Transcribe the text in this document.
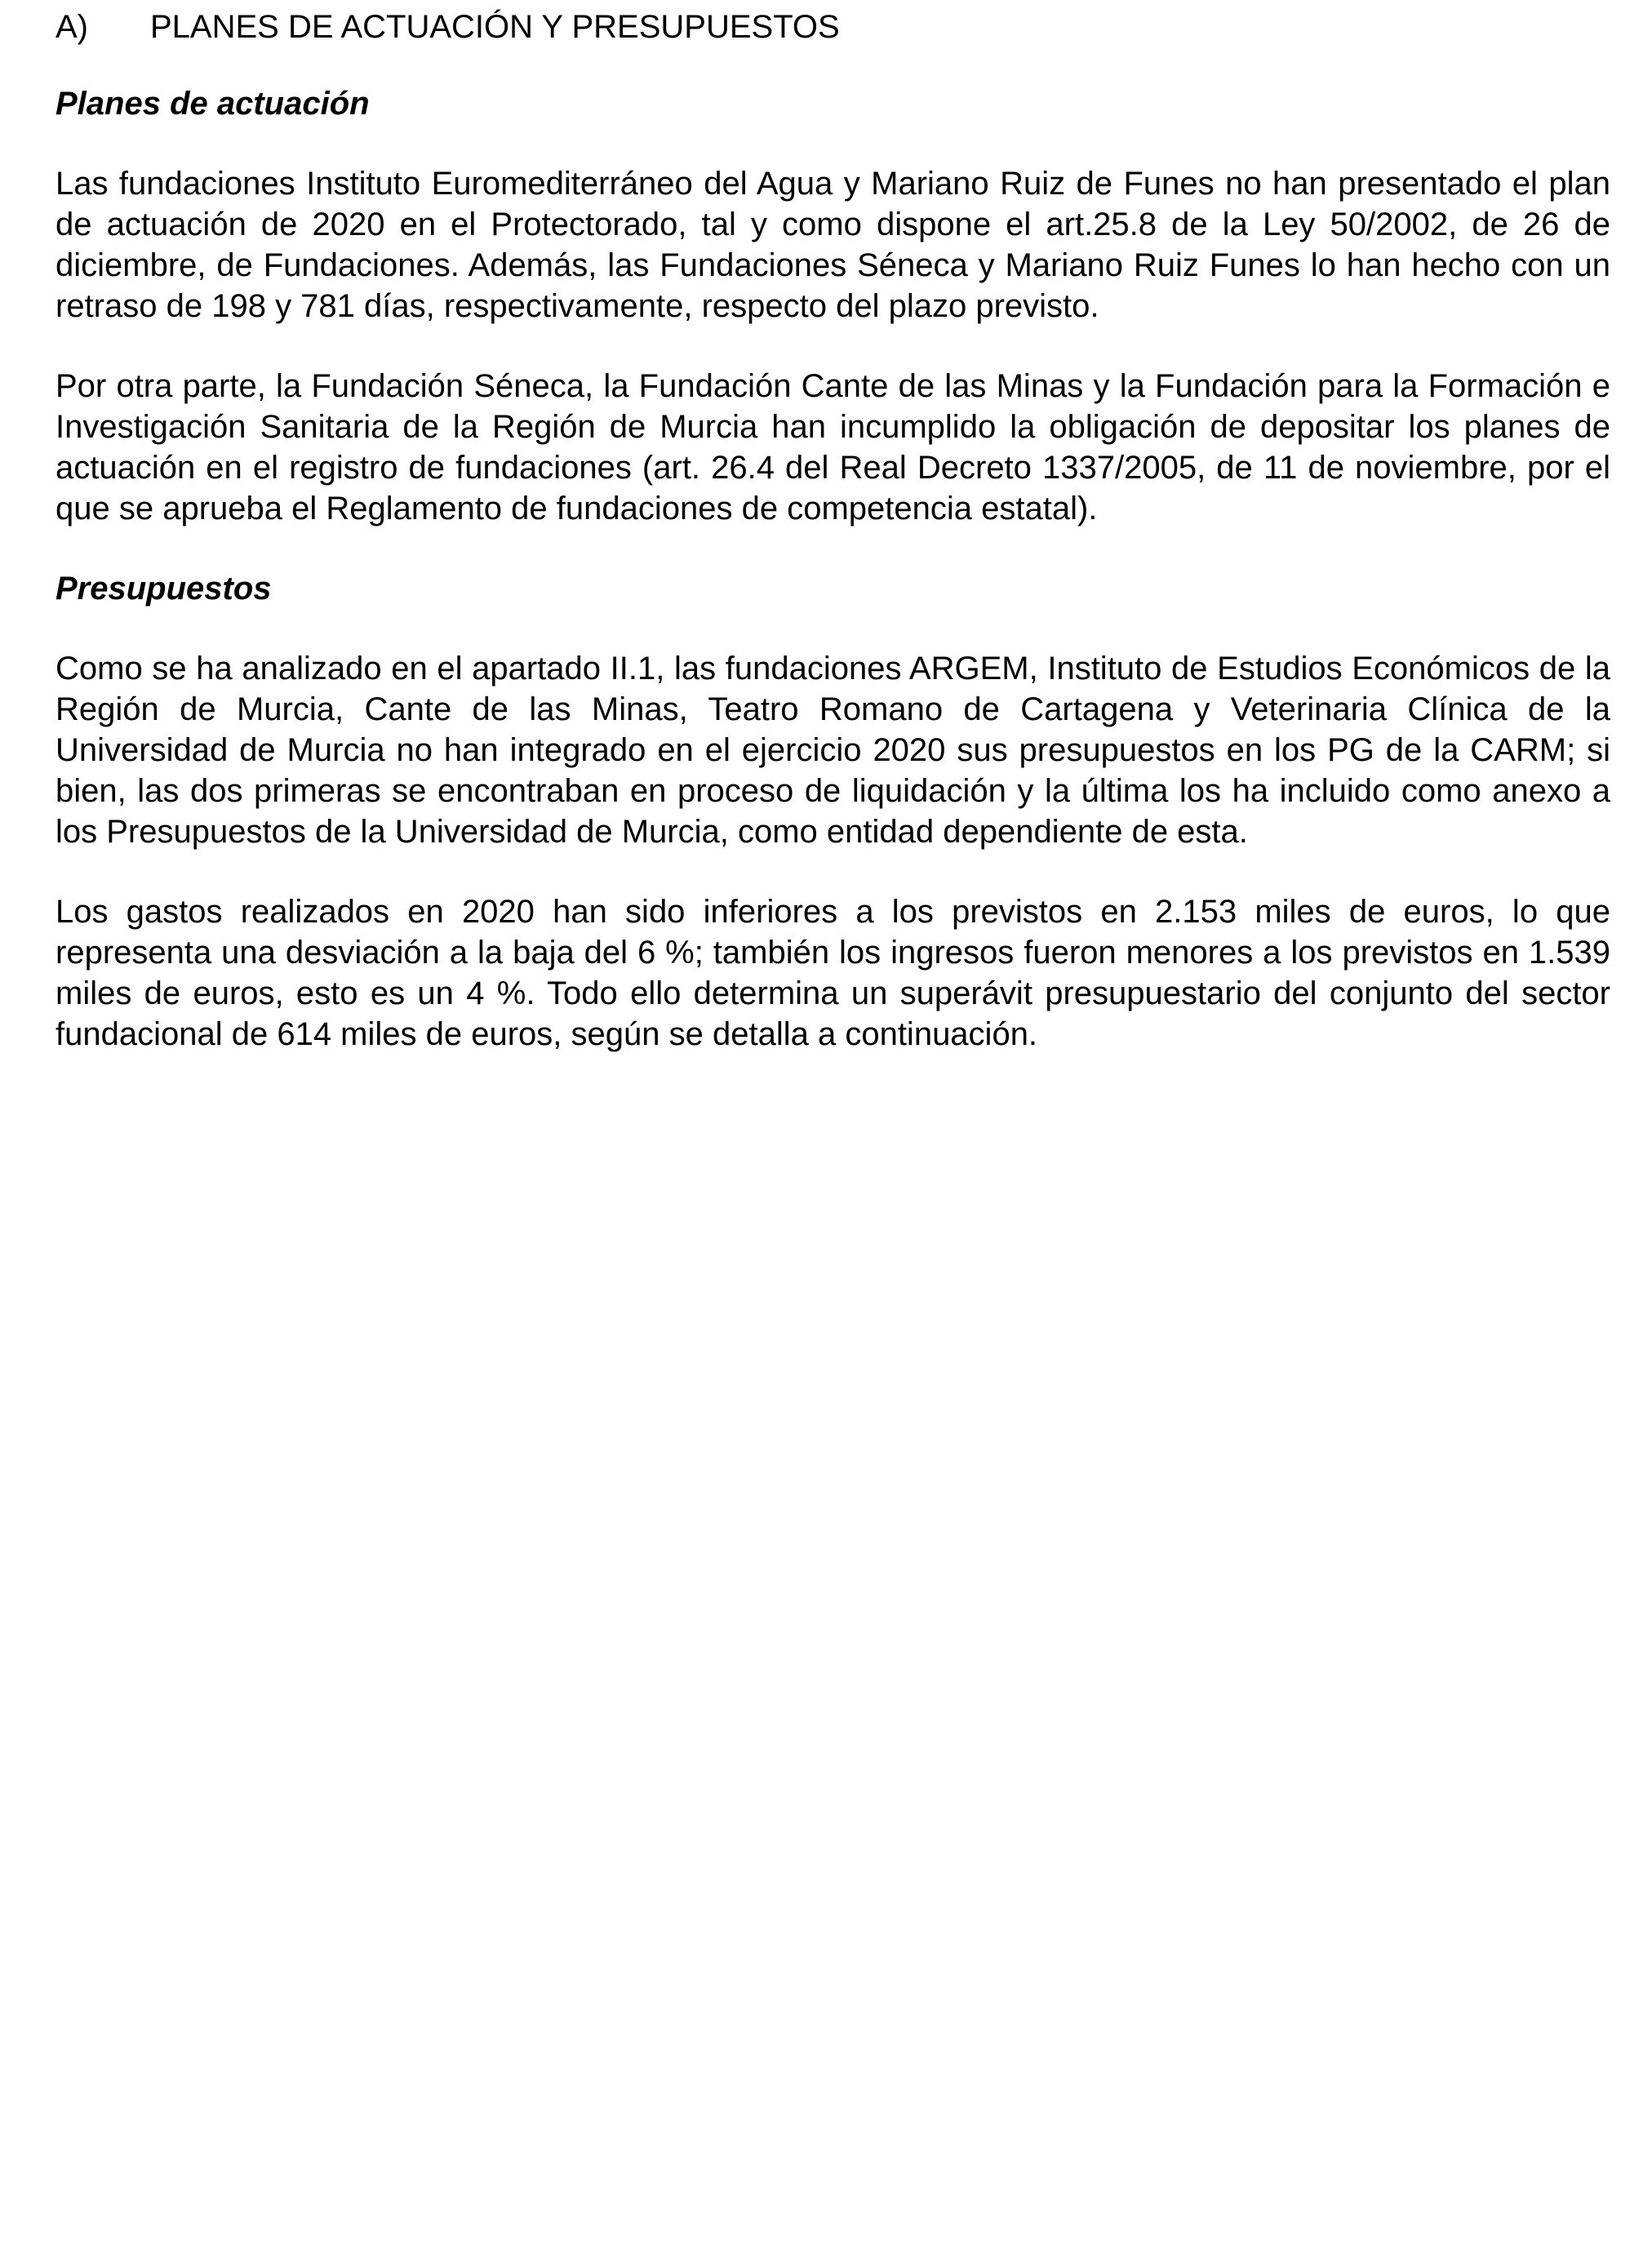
A)	PLANES DE ACTUACIÓN Y PRESUPUESTOS
Planes de actuación

Las fundaciones Instituto Euromediterráneo del Agua y Mariano Ruiz de Funes no han presentado el plan de actuación de 2020 en el Protectorado, tal y como dispone el art.25.8 de la Ley 50/2002, de 26 de diciembre, de Fundaciones. Además, las Fundaciones Séneca y Mariano Ruiz Funes lo han hecho con un retraso de 198 y 781 días, respectivamente, respecto del plazo previsto.

Por otra parte, la Fundación Séneca, la Fundación Cante de las Minas y la Fundación para la Formación e Investigación Sanitaria de la Región de Murcia han incumplido la obligación de depositar los planes de actuación en el registro de fundaciones (art. 26.4 del Real Decreto 1337/2005, de 11 de noviembre, por el que se aprueba el Reglamento de fundaciones de competencia estatal).

Presupuestos

Como se ha analizado en el apartado II.1, las fundaciones ARGEM, Instituto de Estudios Económicos de la Región de Murcia, Cante de las Minas, Teatro Romano de Cartagena y Veterinaria Clínica de la Universidad de Murcia no han integrado en el ejercicio 2020 sus presupuestos en los PG de la CARM; si bien, las dos primeras se encontraban en proceso de liquidación y la última los ha incluido como anexo a los Presupuestos de la Universidad de Murcia, como entidad dependiente de esta.

Los gastos realizados en 2020 han sido inferiores a los previstos en 2.153 miles de euros, lo que representa una desviación a la baja del 6 %; también los ingresos fueron menores a los previstos en 1.539 miles de euros, esto es un 4 %. Todo ello determina un superávit presupuestario del conjunto del sector fundacional de 614 miles de euros, según se detalla a continuación.
